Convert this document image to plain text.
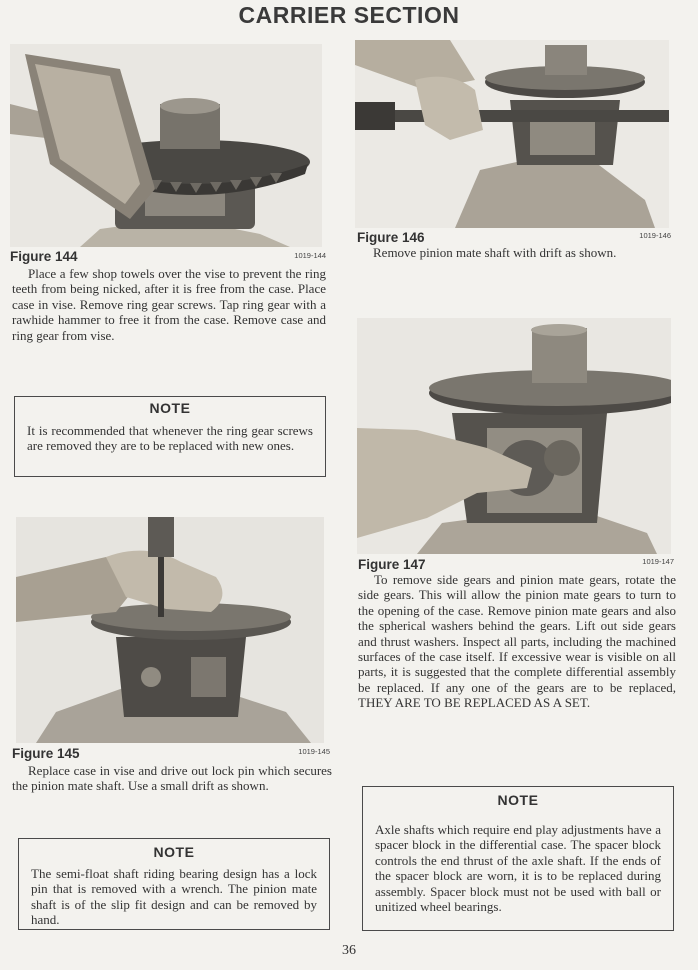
CARRIER SECTION
Figure 144	1019-144
Place a few shop towels over the vise to prevent the ring teeth from being nicked, after it is free from the case. Place case in vise. Remove ring gear screws. Tap ring gear with a rawhide hammer to free it from the case. Remove case and ring gear from vise.
NOTE
It is recommended that whenever the ring gear screws are removed they are to be replaced with new ones.
Figure 145	1019-145
Replace case in vise and drive out lock pin which secures the pinion mate shaft. Use a small drift as shown.
NOTE
The semi-float shaft riding bearing design has a lock pin that is removed with a wrench. The pinion mate shaft is of the slip fit design and can be removed by hand.
Figure 146	1019-146
Remove pinion mate shaft with drift as shown.
Figure 147	1019-147
To remove side gears and pinion mate gears, rotate the side gears. This will allow the pinion mate gears to turn to the opening of the case. Remove pinion mate gears and also the spherical washers behind the gears. Lift out side gears and thrust washers. Inspect all parts, including the machined surfaces of the case itself. If excessive wear is visible on all parts, it is suggested that the complete differential assembly be replaced. If any one of the gears are to be replaced, THEY ARE TO BE REPLACED AS A SET.
NOTE
Axle shafts which require end play adjustments have a spacer block in the differential case. The spacer block controls the end thrust of the axle shaft. If the ends of the spacer block are worn, it is to be replaced during assembly. Spacer block must not be used with ball or unitized wheel bearings.
36
